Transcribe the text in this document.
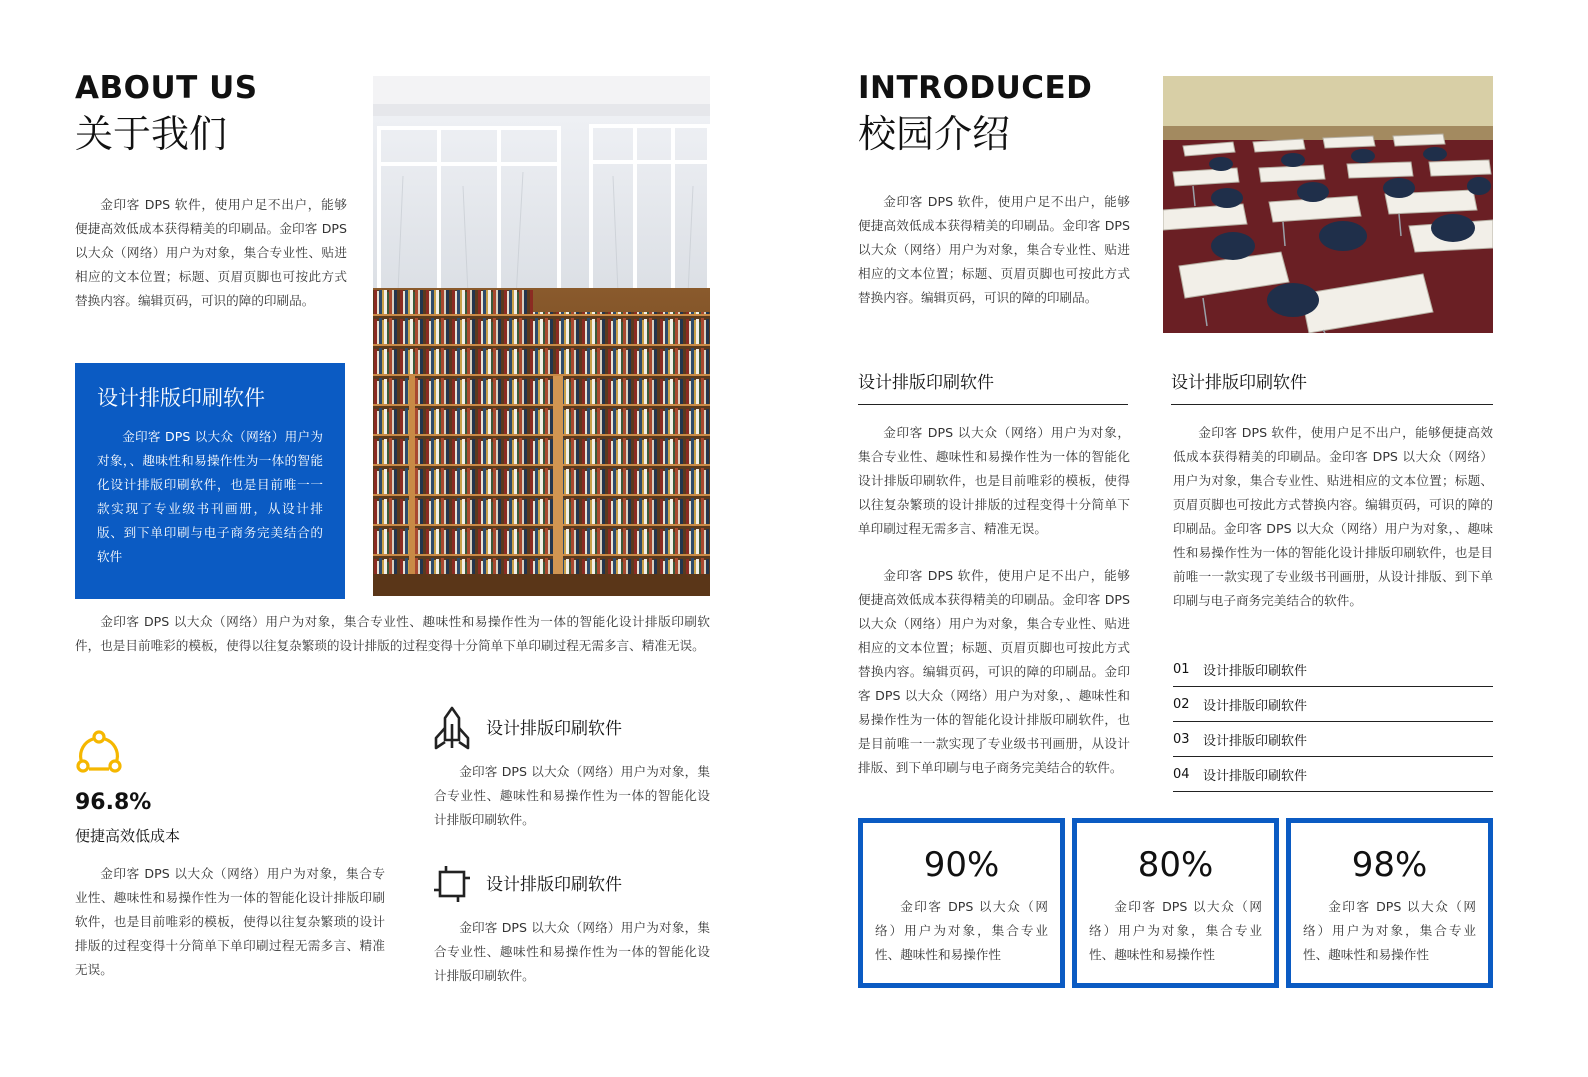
ABOUT US
关于我们
金印客 DPS 软件，使用户足不出户，能够便捷高效低成本获得精美的印刷品。金印客 DPS 以大众（网络）用户为对象，集合专业性、贴进相应的文本位置；标题、页眉页脚也可按此方式替换内容。编辑页码，可识的障的印刷品。
设计排版印刷软件
金印客 DPS 以大众（网络）用户为对象，、趣味性和易操作性为一体的智能化设计排版印刷软件，也是目前唯一一款实现了专业级书刊画册，从设计排版、到下单印刷与电子商务完美结合的软件
金印客 DPS 以大众（网络）用户为对象，集合专业性、趣味性和易操作性为一体的智能化设计排版印刷软件，也是目前唯彩的模板，使得以往复杂繁琐的设计排版的过程变得十分简单下单印刷过程无需多言、精准无误。
96.8%
便捷高效低成本
金印客 DPS 以大众（网络）用户为对象，集合专业性、趣味性和易操作性为一体的智能化设计排版印刷软件，也是目前唯彩的模板，使得以往复杂繁琐的设计排版的过程变得十分简单下单印刷过程无需多言、精准无误。
设计排版印刷软件
金印客 DPS 以大众（网络）用户为对象，集合专业性、趣味性和易操作性为一体的智能化设计排版印刷软件。
设计排版印刷软件
金印客 DPS 以大众（网络）用户为对象，集合专业性、趣味性和易操作性为一体的智能化设计排版印刷软件。
INTRODUCED
校园介绍
金印客 DPS 软件，使用户足不出户，能够便捷高效低成本获得精美的印刷品。金印客 DPS 以大众（网络）用户为对象，集合专业性、贴进相应的文本位置；标题、页眉页脚也可按此方式替换内容。编辑页码，可识的障的印刷品。
设计排版印刷软件
金印客 DPS 以大众（网络）用户为对象，集合专业性、趣味性和易操作性为一体的智能化设计排版印刷软件，也是目前唯彩的模板，使得以往复杂繁琐的设计排版的过程变得十分简单下单印刷过程无需多言、精准无误。
金印客 DPS 软件，使用户足不出户，能够便捷高效低成本获得精美的印刷品。金印客 DPS 以大众（网络）用户为对象，集合专业性、贴进相应的文本位置；标题、页眉页脚也可按此方式替换内容。编辑页码，可识的障的印刷品。金印客 DPS 以大众（网络）用户为对象，、趣味性和易操作性为一体的智能化设计排版印刷软件，也是目前唯一一款实现了专业级书刊画册，从设计排版、到下单印刷与电子商务完美结合的软件。
设计排版印刷软件
金印客 DPS 软件，使用户足不出户，能够便捷高效低成本获得精美的印刷品。金印客 DPS 以大众（网络）用户为对象，集合专业性、贴进相应的文本位置；标题、页眉页脚也可按此方式替换内容。编辑页码，可识的障的印刷品。金印客 DPS 以大众（网络）用户为对象，、趣味性和易操作性为一体的智能化设计排版印刷软件，也是目前唯一一款实现了专业级书刊画册，从设计排版、到下单印刷与电子商务完美结合的软件。
01	设计排版印刷软件
02	设计排版印刷软件
03	设计排版印刷软件
04	设计排版印刷软件
90%
金印客 DPS 以大众（网络）用户为对象，集合专业性、趣味性和易操作性
80%
金印客 DPS 以大众（网络）用户为对象，集合专业性、趣味性和易操作性
98%
金印客 DPS 以大众（网络）用户为对象，集合专业性、趣味性和易操作性
